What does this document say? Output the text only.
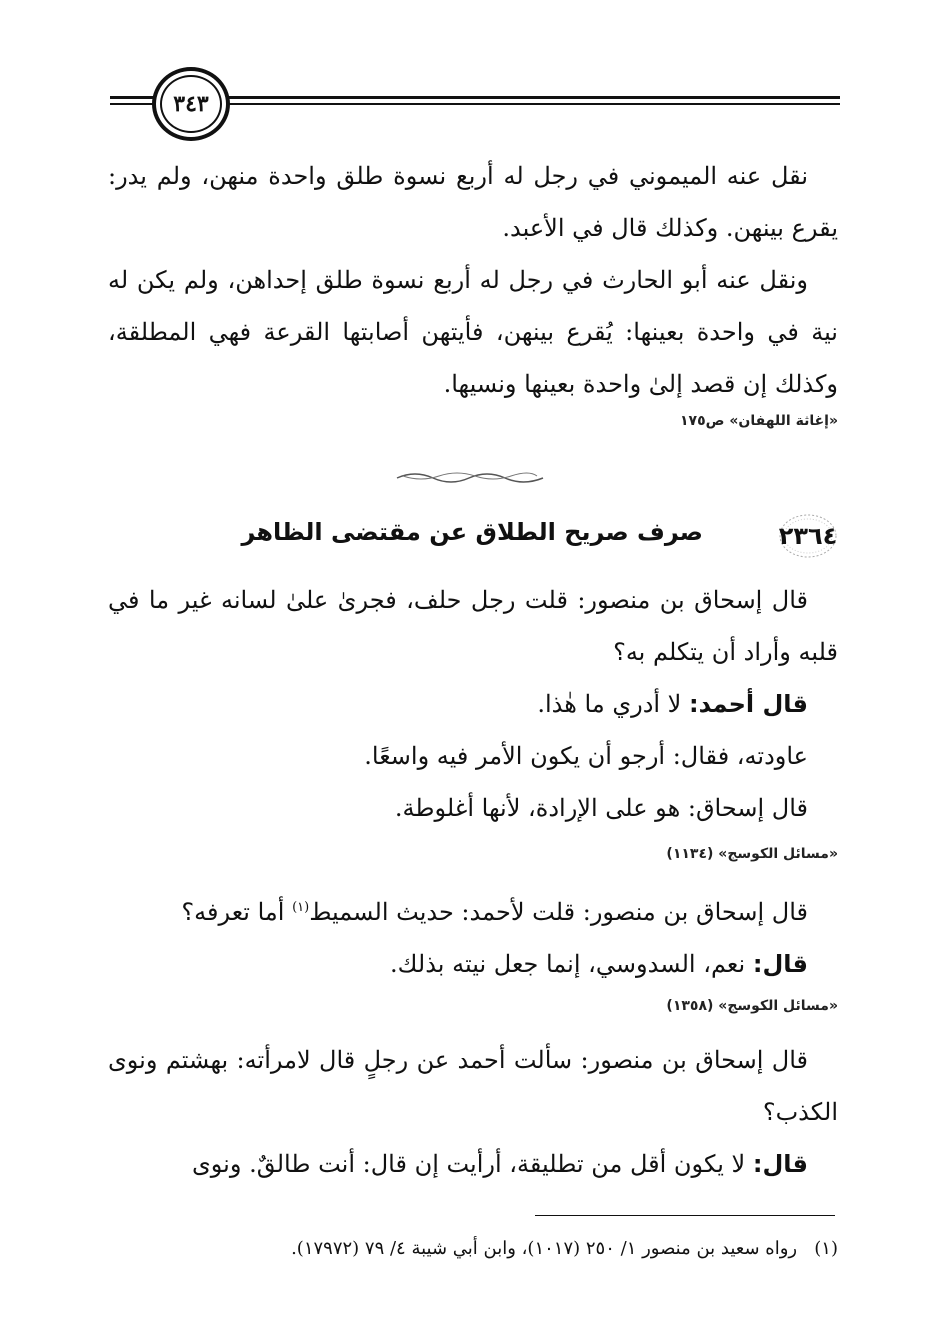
٣٤٣

نقل عنه الميموني في رجل له أربع نسوة طلق واحدة منهن، ولم يدر: يقرع بينهن. وكذلك قال في الأعبد.

ونقل عنه أبو الحارث في رجل له أربع نسوة طلق إحداهن، ولم يكن له نية في واحدة بعينها: يُقرع بينهن، فأيتهن أصابتها القرعة فهي المطلقة، وكذلك إن قصد إلىٰ واحدة بعينها ونسيها.

«إغاثة اللهفان» ص١٧٥
٢٣٦٤
صرف صريح الطلاق عن مقتضى الظاهر

قال إسحاق بن منصور: قلت رجل حلف، فجرىٰ علىٰ لسانه غير ما في قلبه وأراد أن يتكلم به؟

قال أحمد: لا أدري ما هٰذا.

عاودته، فقال: أرجو أن يكون الأمر فيه واسعًا.

قال إسحاق: هو على الإرادة، لأنها أغلوطة.

«مسائل الكوسج» (١١٣٤)

قال إسحاق بن منصور: قلت لأحمد: حديث السميط$^{(١)}$ أما تعرفه؟

قال: نعم، السدوسي، إنما جعل نيته بذلك.

«مسائل الكوسج» (١٣٥٨)

قال إسحاق بن منصور: سألت أحمد عن رجلٍ قال لامرأته: بهشتم ونوى الكذب؟

قال: لا يكون أقل من تطليقة، أرأيت إن قال: أنت طالقٌ. ونوى

(١)   رواه سعيد بن منصور ١/ ٢٥٠ (١٠١٧)، وابن أبي شيبة ٤/ ٧٩ (١٧٩٧٢).
